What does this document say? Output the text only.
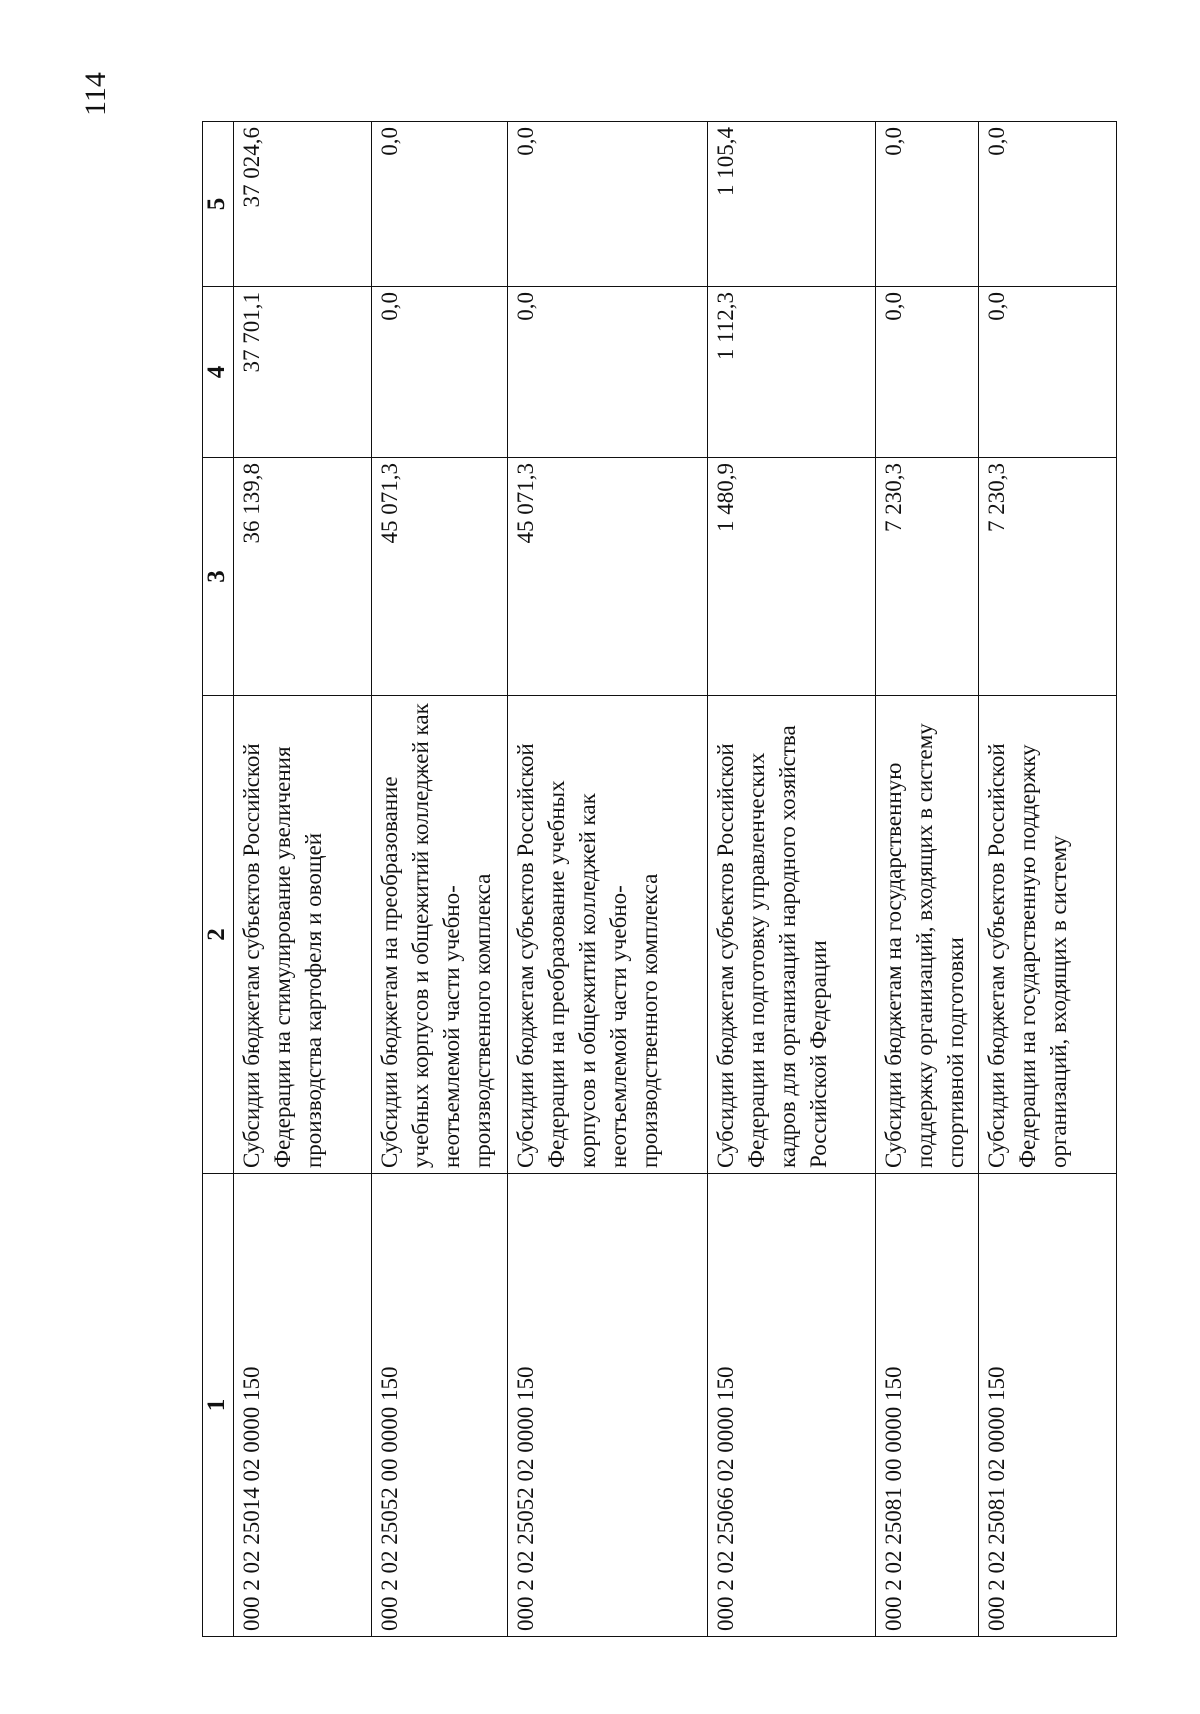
114
1	2	3	4	5
000 2 02 25014 02 0000 150	Субсидии бюджетам субъектов Российской Федерации на стимулирование увеличения производства картофеля и овощей	36 139,8	37 701,1	37 024,6
000 2 02 25052 00 0000 150	Субсидии бюджетам на преобразование учебных корпусов и общежитий колледжей как неотъемлемой части учебно-производственного комплекса	45 071,3	0,0	0,0
000 2 02 25052 02 0000 150	Субсидии бюджетам субъектов Российской Федерации на преобразование учебных корпусов и общежитий колледжей как неотъемлемой части учебно-производственного комплекса	45 071,3	0,0	0,0
000 2 02 25066 02 0000 150	Субсидии бюджетам субъектов Российской Федерации на подготовку управленческих кадров для организаций народного хозяйства Российской Федерации	1 480,9	1 112,3	1 105,4
000 2 02 25081 00 0000 150	Субсидии бюджетам на государственную поддержку организаций, входящих в систему спортивной подготовки	7 230,3	0,0	0,0
000 2 02 25081 02 0000 150	Субсидии бюджетам субъектов Российской Федерации на государственную поддержку организаций, входящих в систему	7 230,3	0,0	0,0
